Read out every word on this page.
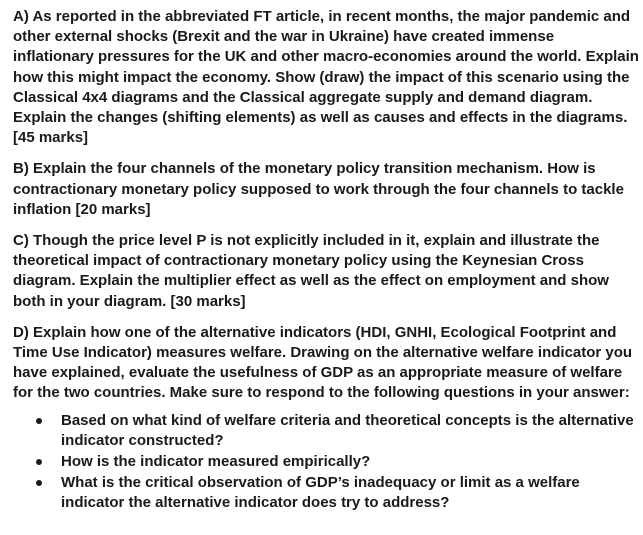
A) As reported in the abbreviated FT article, in recent months, the major pandemic and other external shocks (Brexit and the war in Ukraine) have created immense inflationary pressures for the UK and other macro-economies around the world. Explain how this might impact the economy. Show (draw) the impact of this scenario using the Classical 4x4 diagrams and the Classical aggregate supply and demand diagram. Explain the changes (shifting elements) as well as causes and effects in the diagrams. [45 marks]

B) Explain the four channels of the monetary policy transition mechanism. How is contractionary monetary policy supposed to work through the four channels to tackle inflation [20 marks]

C) Though the price level P is not explicitly included in it, explain and illustrate the theoretical impact of contractionary monetary policy using the Keynesian Cross diagram. Explain the multiplier effect as well as the effect on employment and show both in your diagram. [30 marks]

D) Explain how one of the alternative indicators (HDI, GNHI, Ecological Footprint and Time Use Indicator) measures welfare. Drawing on the alternative welfare indicator you have explained, evaluate the usefulness of GDP as an appropriate measure of welfare for the two countries. Make sure to respond to the following questions in your answer:

Based on what kind of welfare criteria and theoretical concepts is the alternative indicator constructed?
How is the indicator measured empirically?
What is the critical observation of GDP’s inadequacy or limit as a welfare indicator the alternative indicator does try to address?
